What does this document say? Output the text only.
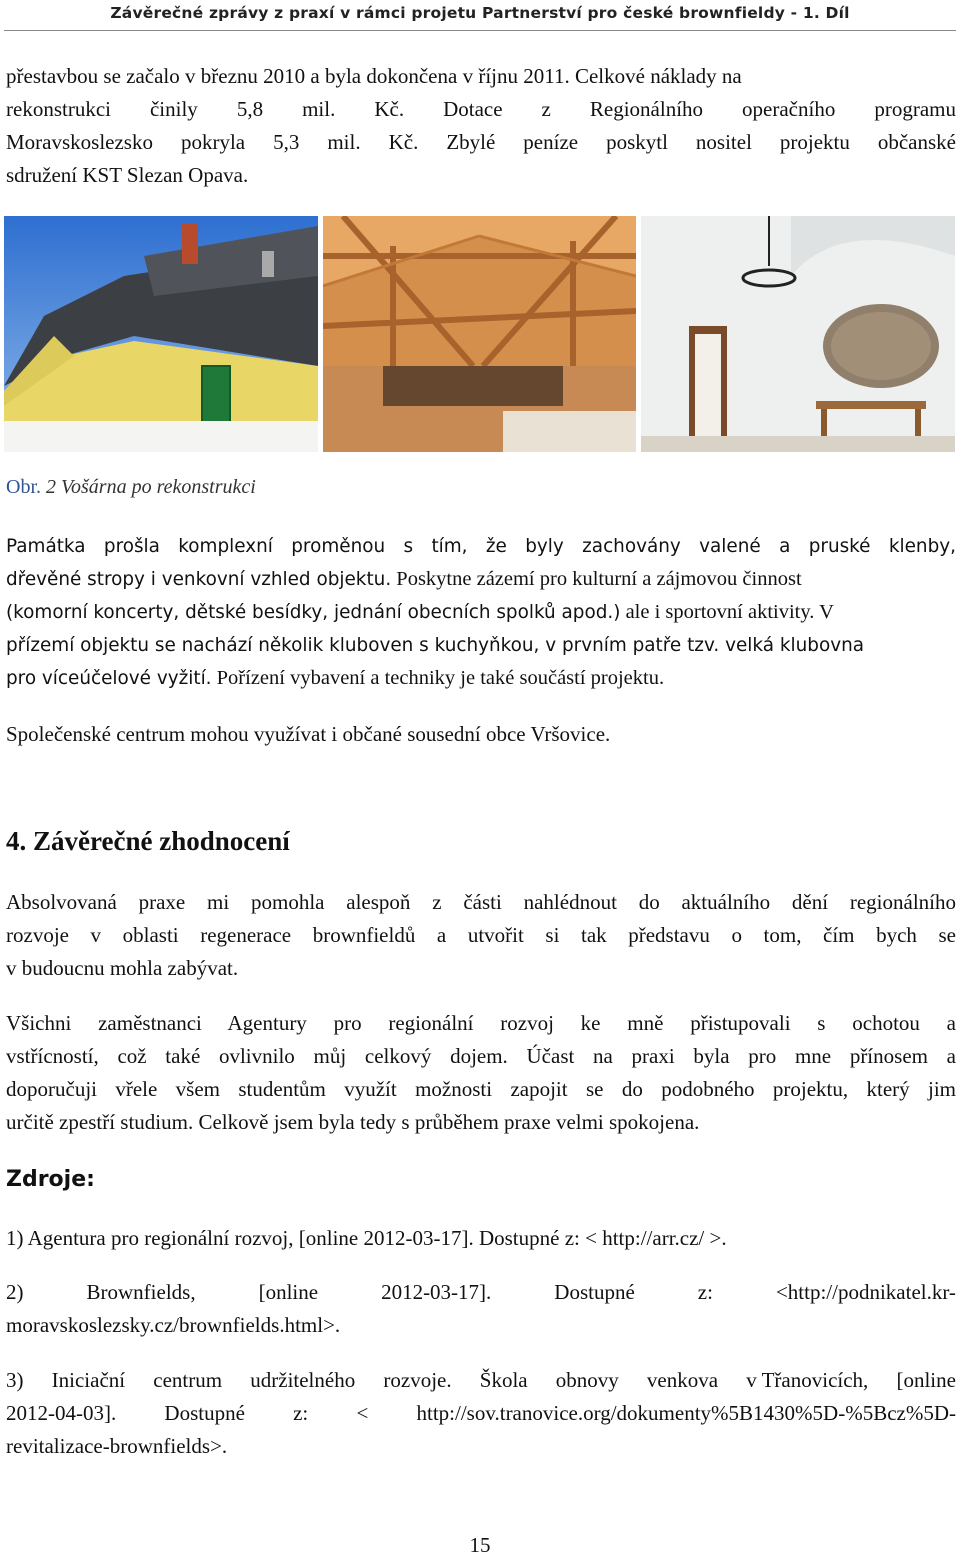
Závěrečné zprávy z praxí v rámci projetu Partnerství pro české brownfieldy - 1. Díl
přestavbou se začalo v březnu 2010 a byla dokončena v říjnu 2011. Celkové náklady na
rekonstrukci činily 5,8 mil. Kč. Dotace z Regionálního operačního programu
Moravskoslezsko pokryla 5,3 mil. Kč. Zbylé peníze poskytl nositel projektu občanské
sdružení KST Slezan Opava.
Obr. 2 Vošárna po rekonstrukci
Památka prošla komplexní proměnou s tím, že byly zachovány valené a pruské klenby,
dřevěné stropy i venkovní vzhled objektu. Poskytne zázemí pro kulturní a zájmovou činnost
(komorní koncerty, dětské besídky, jednání obecních spolků apod.) ale i sportovní aktivity. V
přízemí objektu se nachází několik kluboven s kuchyňkou, v prvním patře tzv. velká klubovna
pro víceúčelové vyžití. Pořízení vybavení a techniky je také součástí projektu.
Společenské centrum mohou využívat i občané sousední obce Vršovice.
4. Závěrečné zhodnocení
Absolvovaná praxe mi pomohla alespoň z části nahlédnout do aktuálního dění regionálního
rozvoje v oblasti regenerace brownfieldů a utvořit si tak představu o tom, čím bych se
v budoucnu mohla zabývat.
Všichni zaměstnanci Agentury pro regionální rozvoj ke mně přistupovali s ochotou a
vstřícností, což také ovlivnilo můj celkový dojem. Účast na praxi byla pro mne přínosem a
doporučuji vřele všem studentům využít možnosti zapojit se do podobného projektu, který jim
určitě zpestří studium. Celkově jsem byla tedy s průběhem praxe velmi spokojena.
Zdroje:
1) Agentura pro regionální rozvoj, [online 2012-03-17]. Dostupné z: < http://arr.cz/ >.
2)	Brownfields,	[online	2012-03-17].	Dostupné	z:	<http://podnikatel.kr-
moravskoslezsky.cz/brownfields.html>.
3) Iniciační centrum udržitelného rozvoje. Škola obnovy venkova v Třanovicích, [online
2012-04-03]. Dostupné z: < http://sov.tranovice.org/dokumenty%5B1430%5D-%5Bcz%5D-
revitalizace-brownfields>.
15
